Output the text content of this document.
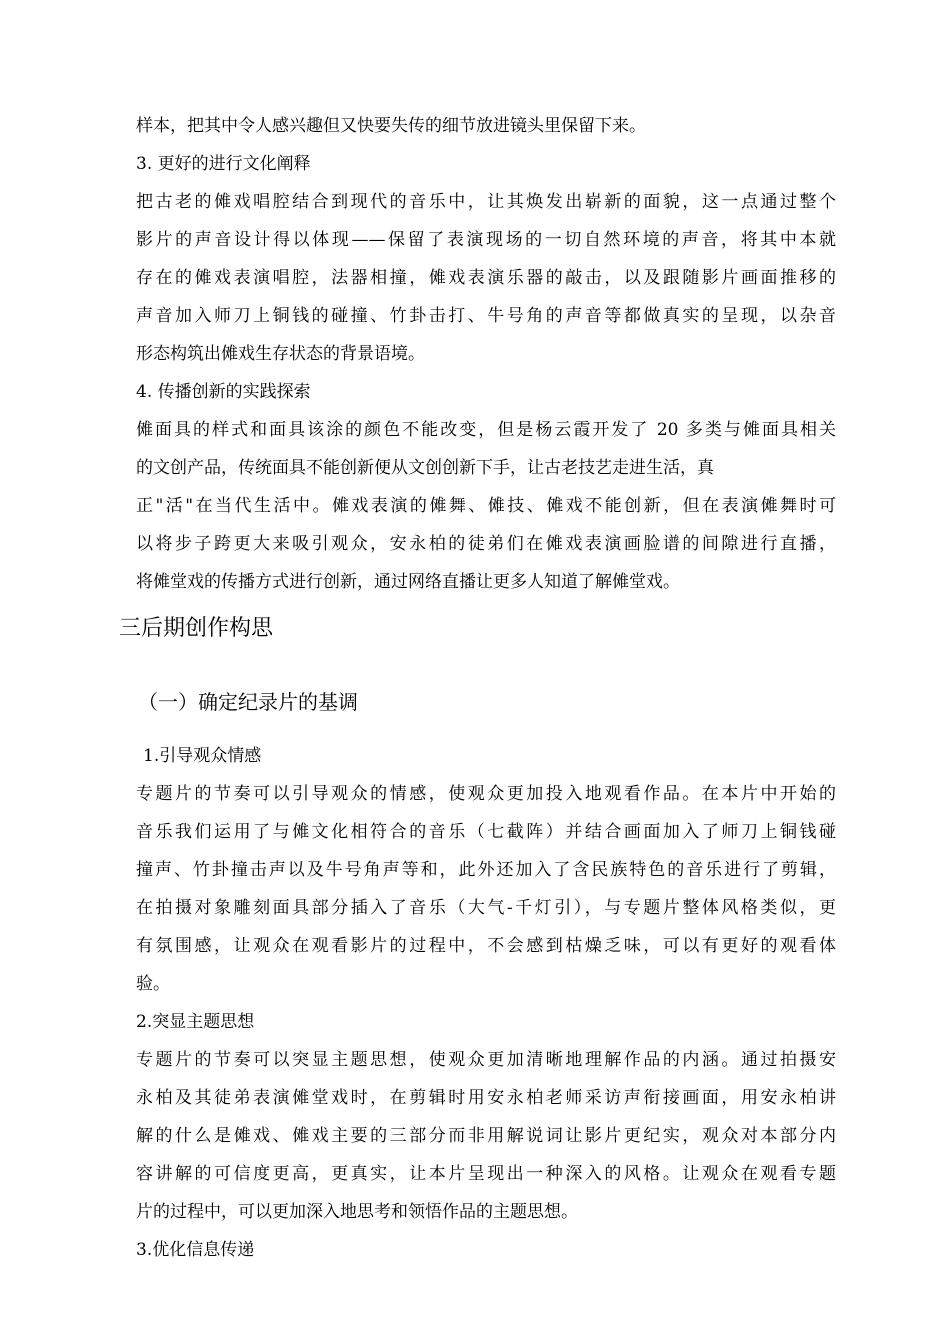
样本，把其中令人感兴趣但又快要失传的细节放进镜头里保留下来。
3. 更好的进行文化阐释
把古老的傩戏唱腔结合到现代的音乐中，让其焕发出崭新的面貌，这一点通过整个
影片的声音设计得以体现——保留了表演现场的一切自然环境的声音，将其中本就
存在的傩戏表演唱腔，法器相撞，傩戏表演乐器的敲击，以及跟随影片画面推移的
声音加入师刀上铜钱的碰撞、竹卦击打、牛号角的声音等都做真实的呈现，以杂音
形态构筑出傩戏生存状态的背景语境。
4. 传播创新的实践探索
傩面具的样式和面具该涂的颜色不能改变，但是杨云霞开发了 20 多类与傩面具相关
的文创产品，传统面具不能创新便从文创创新下手，让古老技艺走进生活，真
正"活"在当代生活中。傩戏表演的傩舞、傩技、傩戏不能创新，但在表演傩舞时可
以将步子跨更大来吸引观众，安永柏的徒弟们在傩戏表演画脸谱的间隙进行直播，
将傩堂戏的传播方式进行创新，通过网络直播让更多人知道了解傩堂戏。
三后期创作构思
（一）确定纪录片的基调
1.引导观众情感
专题片的节奏可以引导观众的情感，使观众更加投入地观看作品。在本片中开始的
音乐我们运用了与傩文化相符合的音乐（七截阵）并结合画面加入了师刀上铜钱碰
撞声、竹卦撞击声以及牛号角声等和，此外还加入了含民族特色的音乐进行了剪辑，
在拍摄对象雕刻面具部分插入了音乐（大气-千灯引），与专题片整体风格类似，更
有氛围感，让观众在观看影片的过程中，不会感到枯燥乏味，可以有更好的观看体
验。
2.突显主题思想
专题片的节奏可以突显主题思想，使观众更加清晰地理解作品的内涵。通过拍摄安
永柏及其徒弟表演傩堂戏时，在剪辑时用安永柏老师采访声衔接画面，用安永柏讲
解的什么是傩戏、傩戏主要的三部分而非用解说词让影片更纪实，观众对本部分内
容讲解的可信度更高，更真实，让本片呈现出一种深入的风格。让观众在观看专题
片的过程中，可以更加深入地思考和领悟作品的主题思想。
3.优化信息传递
